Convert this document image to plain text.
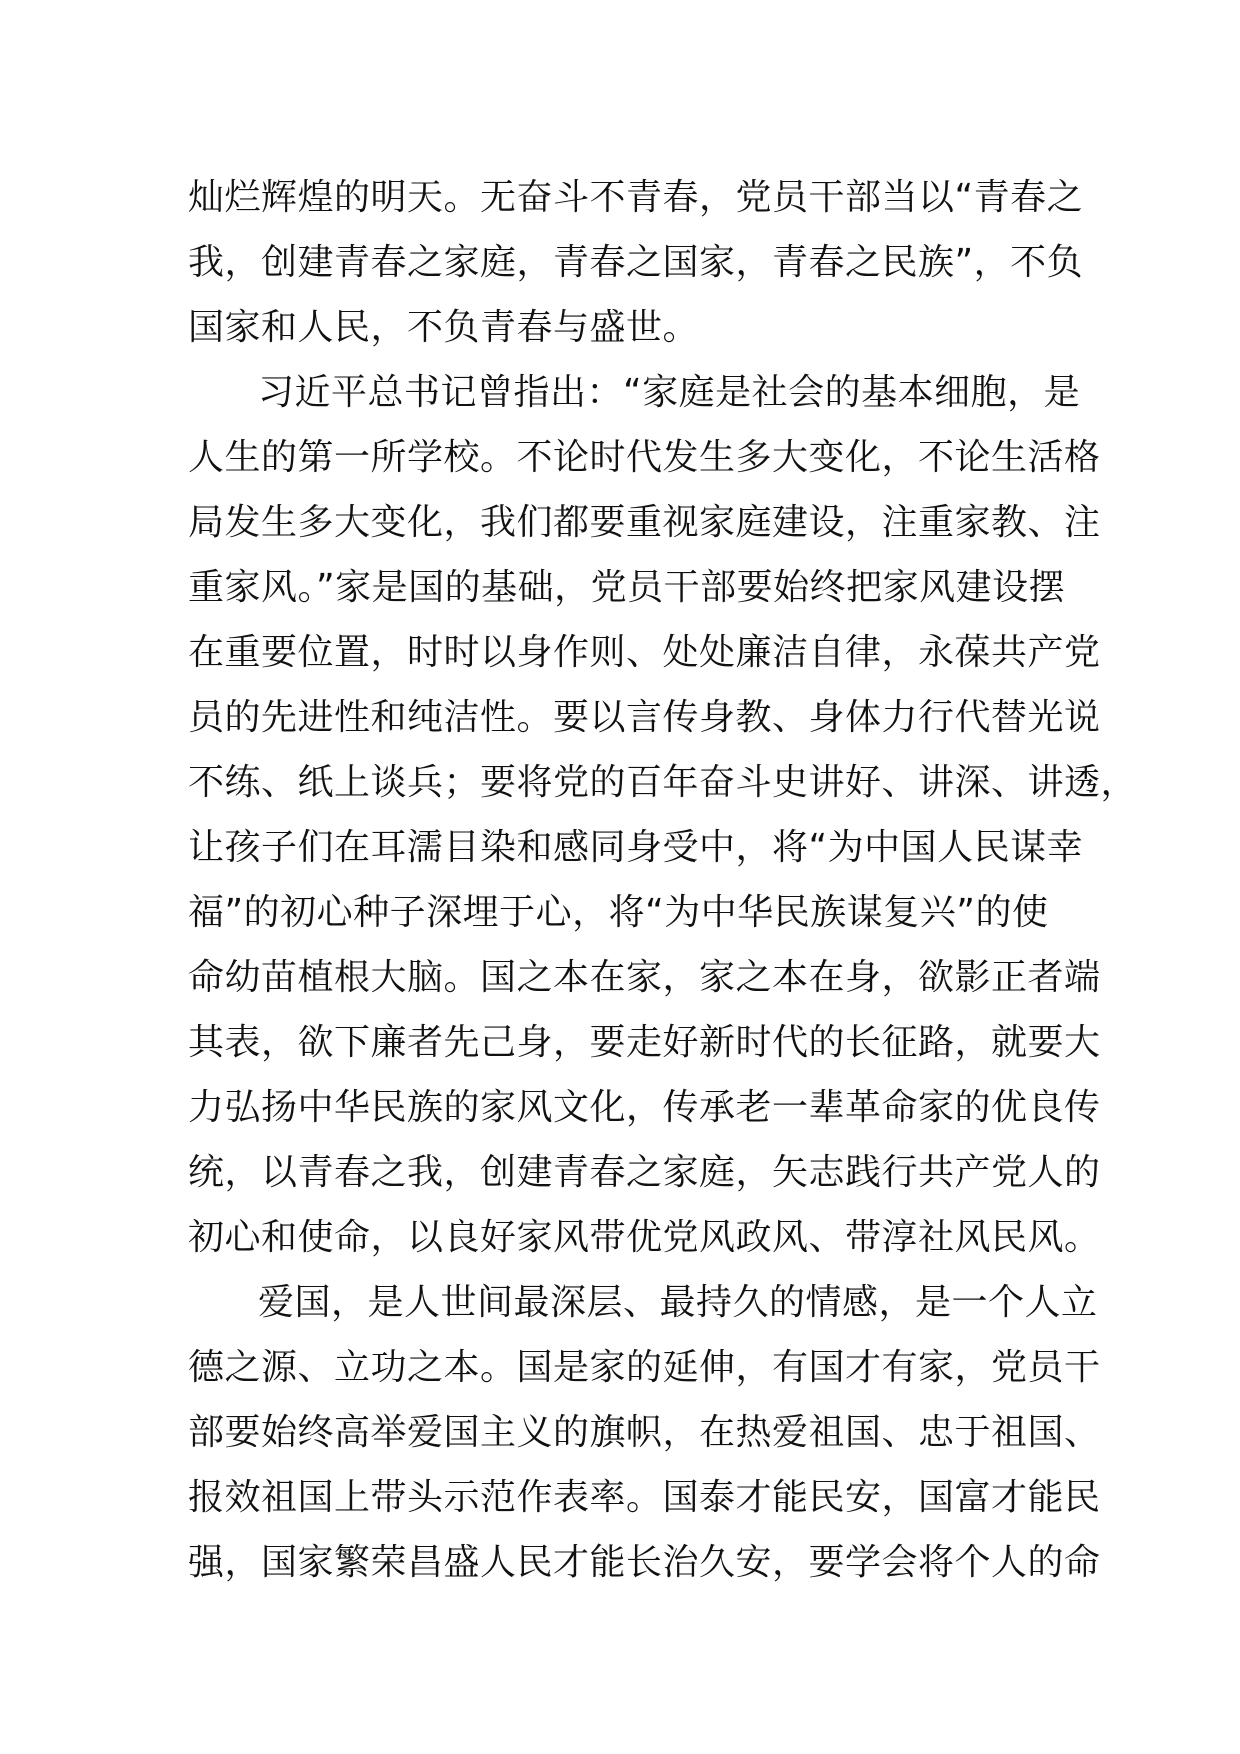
灿烂辉煌的明天。无奋斗不青春，党员干部当以“青春之
我，创建青春之家庭，青春之国家，青春之民族”，不负
国家和人民，不负青春与盛世。
习近平总书记曾指出：“家庭是社会的基本细胞，是
人生的第一所学校。不论时代发生多大变化，不论生活格
局发生多大变化，我们都要重视家庭建设，注重家教、注
重家风。”家是国的基础，党员干部要始终把家风建设摆
在重要位置，时时以身作则、处处廉洁自律，永葆共产党
员的先进性和纯洁性。要以言传身教、身体力行代替光说
不练、纸上谈兵；要将党的百年奋斗史讲好、讲深、讲透，
让孩子们在耳濡目染和感同身受中，将“为中国人民谋幸
福”的初心种子深埋于心，将“为中华民族谋复兴”的使
命幼苗植根大脑。国之本在家，家之本在身，欲影正者端
其表，欲下廉者先己身，要走好新时代的长征路，就要大
力弘扬中华民族的家风文化，传承老一辈革命家的优良传
统，以青春之我，创建青春之家庭，矢志践行共产党人的
初心和使命，以良好家风带优党风政风、带淳社风民风。
爱国，是人世间最深层、最持久的情感，是一个人立
德之源、立功之本。国是家的延伸，有国才有家，党员干
部要始终高举爱国主义的旗帜，在热爱祖国、忠于祖国、
报效祖国上带头示范作表率。国泰才能民安，国富才能民
强，国家繁荣昌盛人民才能长治久安，要学会将个人的命
